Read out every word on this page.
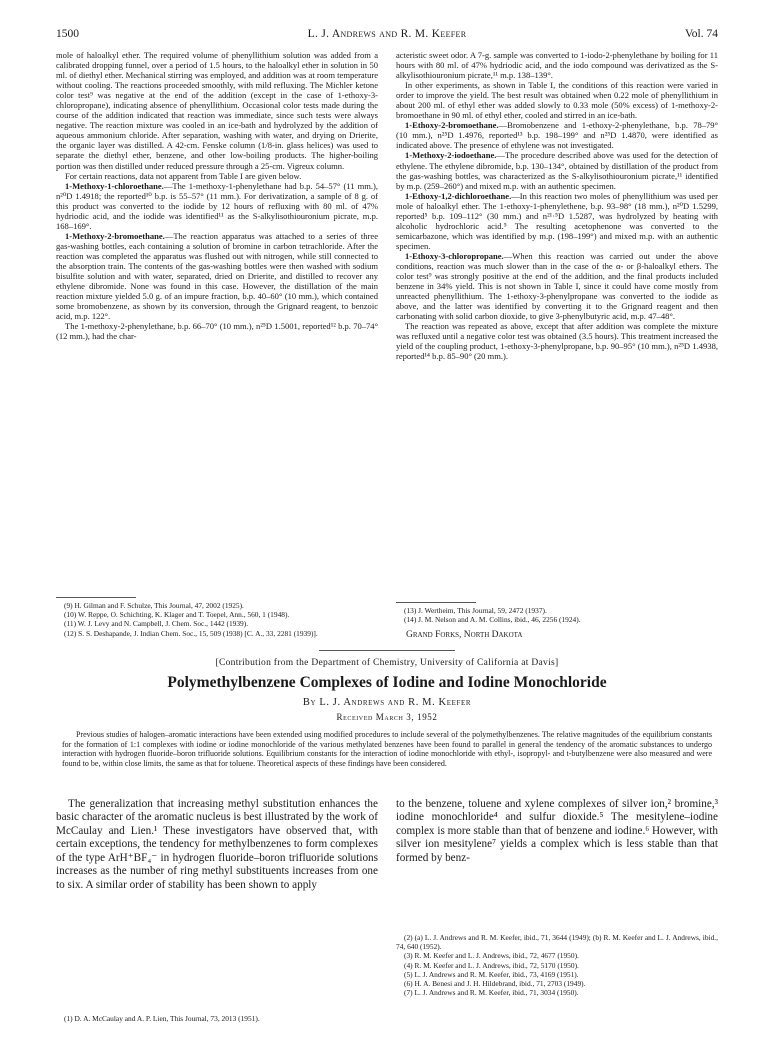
1500	L. J. Andrews and R. M. Keefer	Vol. 74

mole of haloalkyl ether. The required volume of phenyllithium solution was added from a calibrated dropping funnel, over a period of 1.5 hours, to the haloalkyl ether in solution in 50 ml. of diethyl ether. Mechanical stirring was employed, and addition was at room temperature without cooling. The reactions proceeded smoothly, with mild refluxing. The Michler ketone color test⁹ was negative at the end of the addition (except in the case of 1-ethoxy-3-chloropropane), indicating absence of phenyllithium. Occasional color tests made during the course of the addition indicated that reaction was immediate, since such tests were always negative. The reaction mixture was cooled in an ice-bath and hydrolyzed by the addition of aqueous ammonium chloride. After separation, washing with water, and drying on Drierite, the organic layer was distilled. A 42-cm. Fenske column (1/8-in. glass helices) was used to separate the diethyl ether, benzene, and other low-boiling products. The higher-boiling portion was then distilled under reduced pressure through a 25-cm. Vigreux column.

For certain reactions, data not apparent from Table I are given below.

1-Methoxy-1-chloroethane.—The 1-methoxy-1-phenylethane had b.p. 54–57° (11 mm.), n²⁰D 1.4918; the reported¹⁰ b.p. is 55–57° (11 mm.). For derivatization, a sample of 8 g. of this product was converted to the iodide by 12 hours of refluxing with 80 ml. of 47% hydriodic acid, and the iodide was identified¹¹ as the S-alkylisothiouronium picrate, m.p. 168–169°.

1-Methoxy-2-bromoethane.—The reaction apparatus was attached to a series of three gas-washing bottles, each containing a solution of bromine in carbon tetrachloride. After the reaction was completed the apparatus was flushed out with nitrogen, while still connected to the absorption train. The contents of the gas-washing bottles were then washed with sodium bisulfite solution and with water, separated, dried on Drierite, and distilled to recover any ethylene dibromide. None was found in this case. However, the distillation of the main reaction mixture yielded 5.0 g. of an impure fraction, b.p. 40–60° (10 mm.), which contained some bromobenzene, as shown by its conversion, through the Grignard reagent, to benzoic acid, m.p. 122°.

The 1-methoxy-2-phenylethane, b.p. 66–70° (10 mm.), n²⁵D 1.5001, reported¹² b.p. 70–74° (12 mm.), had the char-

(9) H. Gilman and F. Schulze, This Journal, 47, 2002 (1925).

(10) W. Reppe, O. Schichting, K. Klager and T. Toepel, Ann., 560, 1 (1948).

(11) W. J. Levy and N. Campbell, J. Chem. Soc., 1442 (1939).

(12) S. S. Deshapande, J. Indian Chem. Soc., 15, 509 (1938) [C. A., 33, 2281 (1939)].

acteristic sweet odor. A 7-g. sample was converted to 1-iodo-2-phenylethane by boiling for 11 hours with 80 ml. of 47% hydriodic acid, and the iodo compound was derivatized as the S-alkylisothiouronium picrate,¹¹ m.p. 138–139°.

In other experiments, as shown in Table I, the conditions of this reaction were varied in order to improve the yield. The best result was obtained when 0.22 mole of phenyllithium in about 200 ml. of ethyl ether was added slowly to 0.33 mole (50% excess) of 1-methoxy-2-bromoethane in 90 ml. of ethyl ether, cooled and stirred in an ice-bath.

1-Ethoxy-2-bromoethane.—Bromobenzene and 1-ethoxy-2-phenylethane, b.p. 78–79° (10 mm.), n²⁵D 1.4976, reported¹³ b.p. 198–199° and n²⁵D 1.4870, were identified as indicated above. The presence of ethylene was not investigated.

1-Methoxy-2-iodoethane.—The procedure described above was used for the detection of ethylene. The ethylene dibromide, b.p. 130–134°, obtained by distillation of the product from the gas-washing bottles, was characterized as the S-alkylisothiouronium picrate,¹¹ identified by m.p. (259–260°) and mixed m.p. with an authentic specimen.

1-Ethoxy-1,2-dichloroethane.—In this reaction two moles of phenyllithium was used per mole of haloalkyl ether. The 1-ethoxy-1-phenylethene, b.p. 93–98° (18 mm.), n²⁰D 1.5299, reported⁵ b.p. 109–112° (30 mm.) and n²¹·⁵D 1.5287, was hydrolyzed by heating with alcoholic hydrochloric acid.⁵ The resulting acetophenone was converted to the semicarbazone, which was identified by m.p. (198–199°) and mixed m.p. with an authentic specimen.

1-Ethoxy-3-chloropropane.—When this reaction was carried out under the above conditions, reaction was much slower than in the case of the α- or β-haloalkyl ethers. The color test⁹ was strongly positive at the end of the addition, and the final products included benzene in 34% yield. This is not shown in Table I, since it could have come mostly from unreacted phenyllithium. The 1-ethoxy-3-phenylpropane was converted to the iodide as above, and the latter was identified by converting it to the Grignard reagent and then carbonating with solid carbon dioxide, to give 3-phenylbutyric acid, m.p. 47–48°.

The reaction was repeated as above, except that after addition was complete the mixture was refluxed until a negative color test was obtained (3.5 hours). This treatment increased the yield of the coupling product, 1-ethoxy-3-phenylpropane, b.p. 90–95° (10 mm.), n²⁵D 1.4938, reported¹⁴ b.p. 85–90° (20 mm.).

(13) J. Wertheim, This Journal, 59, 2472 (1937).

(14) J. M. Nelson and A. M. Collins, ibid., 46, 2256 (1924).

Grand Forks, North Dakota
[Contribution from the Department of Chemistry, University of California at Davis]
Polymethylbenzene Complexes of Iodine and Iodine Monochloride
By L. J. Andrews and R. M. Keefer
Received March 3, 1952
Previous studies of halogen–aromatic interactions have been extended using modified procedures to include several of the polymethylbenzenes. The relative magnitudes of the equilibrium constants for the formation of 1:1 complexes with iodine or iodine monochloride of the various methylated benzenes have been found to parallel in general the tendency of the aromatic substances to undergo interaction with hydrogen fluoride–boron trifluoride solutions. Equilibrium constants for the interaction of iodine monochloride with ethyl-, isopropyl- and t-butylbenzene were also measured and were found to be, within close limits, the same as that for toluene. Theoretical aspects of these findings have been considered.

The generalization that increasing methyl substitution enhances the basic character of the aromatic nucleus is best illustrated by the work of McCaulay and Lien.¹ These investigators have observed that, with certain exceptions, the tendency for methylbenzenes to form complexes of the type ArH⁺BF₄⁻ in hydrogen fluoride–boron trifluoride solutions increases as the number of ring methyl substituents increases from one to six. A similar order of stability has been shown to apply

(1) D. A. McCaulay and A. P. Lien, This Journal, 73, 2013 (1951).

to the benzene, toluene and xylene complexes of silver ion,² bromine,³ iodine monochloride⁴ and sulfur dioxide.⁵ The mesitylene–iodine complex is more stable than that of benzene and iodine.⁶ However, with silver ion mesitylene⁷ yields a complex which is less stable than that formed by benz-

(2) (a) L. J. Andrews and R. M. Keefer, ibid., 71, 3644 (1949); (b) R. M. Keefer and L. J. Andrews, ibid., 74, 640 (1952).

(3) R. M. Keefer and L. J. Andrews, ibid., 72, 4677 (1950).

(4) R. M. Keefer and L. J. Andrews, ibid., 72, 5170 (1950).

(5) L. J. Andrews and R. M. Keefer, ibid., 73, 4169 (1951).

(6) H. A. Benesi and J. H. Hildebrand, ibid., 71, 2703 (1949).

(7) L. J. Andrews and R. M. Keefer, ibid., 71, 3034 (1950).
